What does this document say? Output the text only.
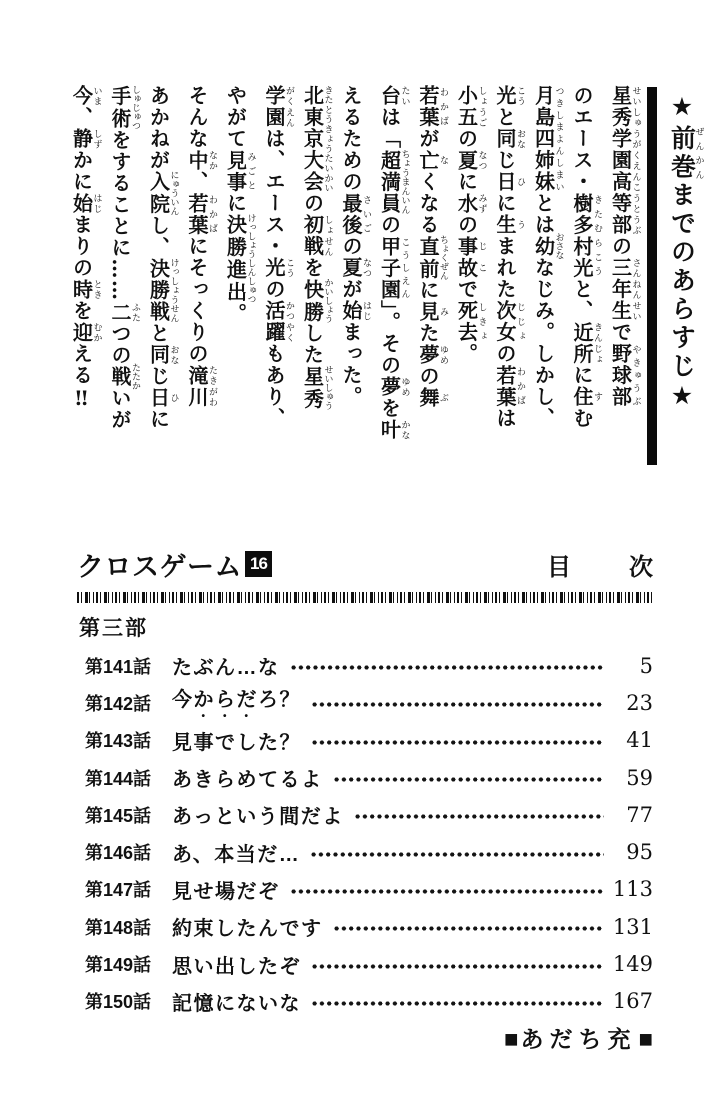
星秀学園高等部せいしゅうがくえんこうとうぶの三年生さんねんせいで野球部やきゅうぶ
のエース・樹多村光きたむらこうと、近所きんじょに住すむ
月島四姉妹つきしまよんしまいとは幼おさななじみ。しかし、
光こうと同おなじ日ひに生うまれた次女じじょの若葉わかばは
小五しょうごの夏なつに水みずの事故じこで死去しきょ。
若葉わかばが亡なくなる直前ちょくぜんに見みた夢ゆめの舞ぶ
台たいは「超満員ちょうまんいんの甲子園こうしえん」。その夢ゆめを叶かな
えるための最後さいごの夏なつが始はじまった。
北東京大会きたとうきょうたいかいの初戦しょせんを快勝かいしょうした星秀せいしゅう
学園がくえんは、エース・光こうの活躍かつやくもあり、
やがて見事みごとに決勝進出けっしょうしんしゅつ。
そんな中なか、若葉わかばにそっくりの滝川たきがわ
あかねが入院にゅういんし、決勝戦けっしょうせんと同おなじ日ひに
手術しゅじゅつをすることに……二ふたつの戦たたかいが
今いま、静しずかに始はじまりの時ときを迎むかえる‼
★前巻 ぜんかんまでのあらすじ★
クロスゲーム 16	目　次
第三部
第141話	たぶん…な	5
第142話	今からだろ？	23
第143話	見事でした？	41
第144話	あきらめてるよ	59
第145話	あっという間だよ	77
第146話	あ、本当だ…	95
第147話	見せ場だぞ	113
第148話	約束したんです	131
第149話	思い出したぞ	149
第150話	記憶にないな	167
■あだち充■
